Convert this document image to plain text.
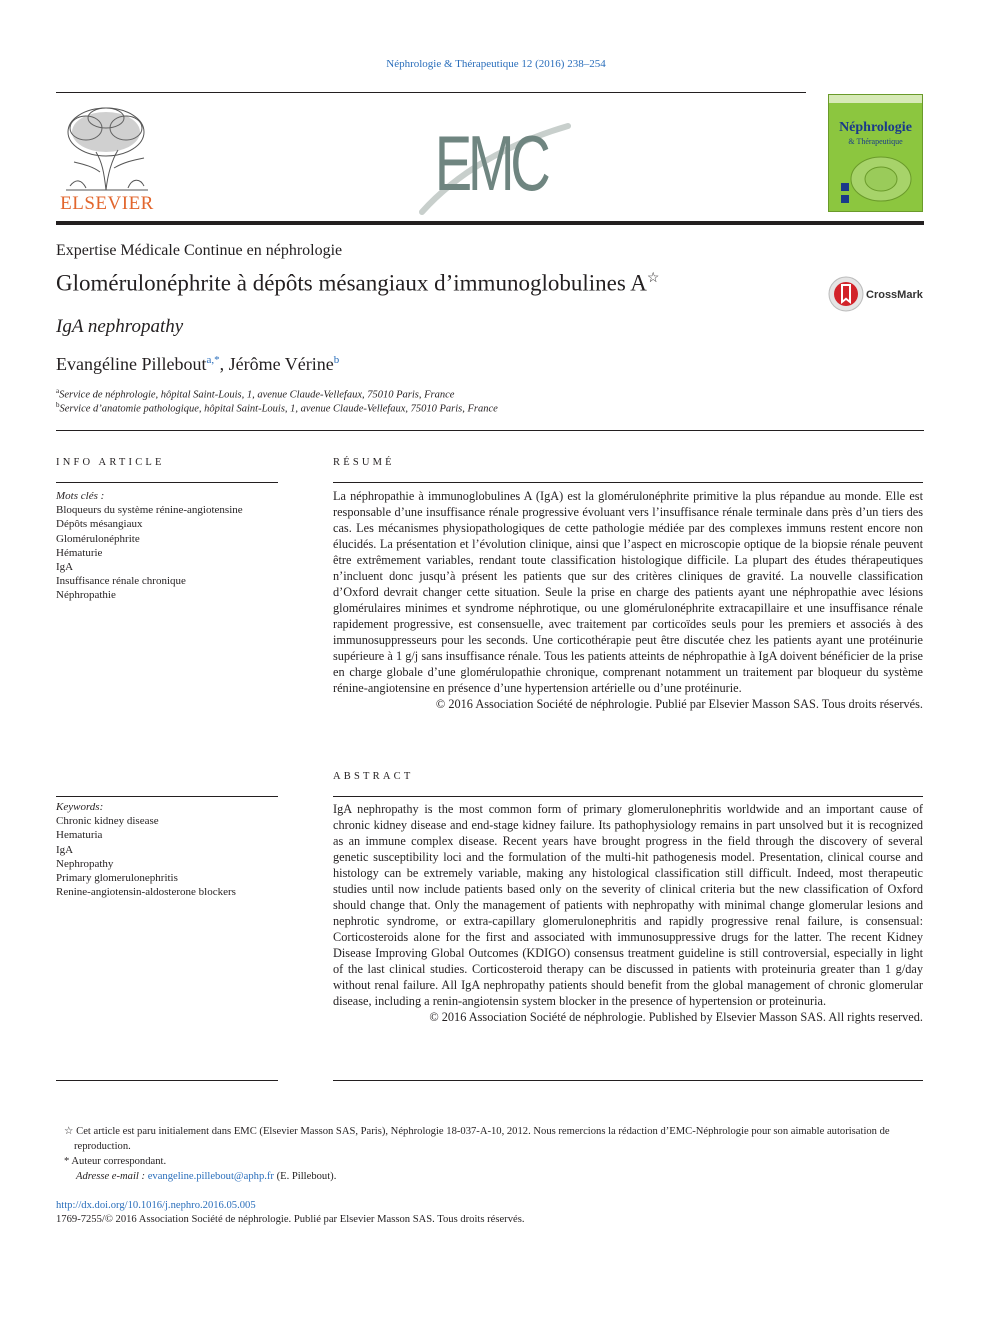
Néphrologie & Thérapeutique 12 (2016) 238–254
ELSEVIER	EMC	Néphrologie
& Thérapeutique
Expertise Médicale Continue en néphrologie
Glomérulonéphrite à dépôts mésangiaux d’immunoglobulines A☆
CrossMark
IgA nephropathy
Evangéline Pillebout$^{a,*}$, Jérôme Vérine$^b$
$^a$Service de néphrologie, hôpital Saint-Louis, 1, avenue Claude-Vellefaux, 75010 Paris, France
$^b$Service d’anatomie pathologique, hôpital Saint-Louis, 1, avenue Claude-Vellefaux, 75010 Paris, France
INFO ARTICLE	RÉSUMÉ
Mots clés :
Bloqueurs du système rénine-angiotensine
Dépôts mésangiaux
Glomérulonéphrite
Hématurie
IgA
Insuffisance rénale chronique
Néphropathie
La néphropathie à immunoglobulines A (IgA) est la glomérulonéphrite primitive la plus répandue au monde. Elle est responsable d’une insuffisance rénale progressive évoluant vers l’insuffisance rénale terminale dans près d’un tiers des cas. Les mécanismes physiopathologiques de cette pathologie médiée par des complexes immuns restent encore non élucidés. La présentation et l’évolution clinique, ainsi que l’aspect en microscopie optique de la biopsie rénale peuvent être extrêmement variables, rendant toute classification histologique difficile. La plupart des études thérapeutiques n’incluent donc jusqu’à présent les patients que sur des critères cliniques de gravité. La nouvelle classification d’Oxford devrait changer cette situation. Seule la prise en charge des patients ayant une néphropathie avec lésions glomérulaires minimes et syndrome néphrotique, ou une glomérulonéphrite extracapillaire et une insuffisance rénale rapidement progressive, est consensuelle, avec traitement par corticoïdes seuls pour les premiers et associés à des immunosuppresseurs pour les seconds. Une corticothérapie peut être discutée chez les patients ayant une protéinurie supérieure à 1 g/j sans insuffisance rénale. Tous les patients atteints de néphropathie à IgA doivent bénéficier de la prise en charge globale d’une glomérulopathie chronique, comprenant notamment un traitement par bloqueur du système rénine-angiotensine en présence d’une hypertension artérielle ou d’une protéinurie.
© 2016 Association Société de néphrologie. Publié par Elsevier Masson SAS. Tous droits réservés.
ABSTRACT
Keywords:
Chronic kidney disease
Hematuria
IgA
Nephropathy
Primary glomerulonephritis
Renine-angiotensin-aldosterone blockers
IgA nephropathy is the most common form of primary glomerulonephritis worldwide and an important cause of chronic kidney disease and end-stage kidney failure. Its pathophysiology remains in part unsolved but it is recognized as an immune complex disease. Recent years have brought progress in the field through the discovery of several genetic susceptibility loci and the formulation of the multi-hit pathogenesis model. Presentation, clinical course and histology can be extremely variable, making any histological classification still difficult. Indeed, most therapeutic studies until now include patients based only on the severity of clinical criteria but the new classification of Oxford should change that. Only the management of patients with nephropathy with minimal change glomerular lesions and nephrotic syndrome, or extra-capillary glomerulonephritis and rapidly progressive renal failure, is consensual: Corticosteroids alone for the first and associated with immunosuppressive drugs for the latter. The recent Kidney Disease Improving Global Outcomes (KDIGO) consensus treatment guideline is still controversial, especially in light of the last clinical studies. Corticosteroid therapy can be discussed in patients with proteinuria greater than 1 g/day without renal failure. All IgA nephropathy patients should benefit from the global management of chronic glomerular disease, including a renin-angiotensin system blocker in the presence of hypertension or proteinuria.
© 2016 Association Société de néphrologie. Published by Elsevier Masson SAS. All rights reserved.

☆ Cet article est paru initialement dans EMC (Elsevier Masson SAS, Paris), Néphrologie 18-037-A-10, 2012. Nous remercions la rédaction d’EMC-Néphrologie pour son aimable autorisation de reproduction.

* Auteur correspondant.

Adresse e-mail : evangeline.pillebout@aphp.fr (E. Pillebout).

http://dx.doi.org/10.1016/j.nephro.2016.05.005
1769-7255/© 2016 Association Société de néphrologie. Publié par Elsevier Masson SAS. Tous droits réservés.
